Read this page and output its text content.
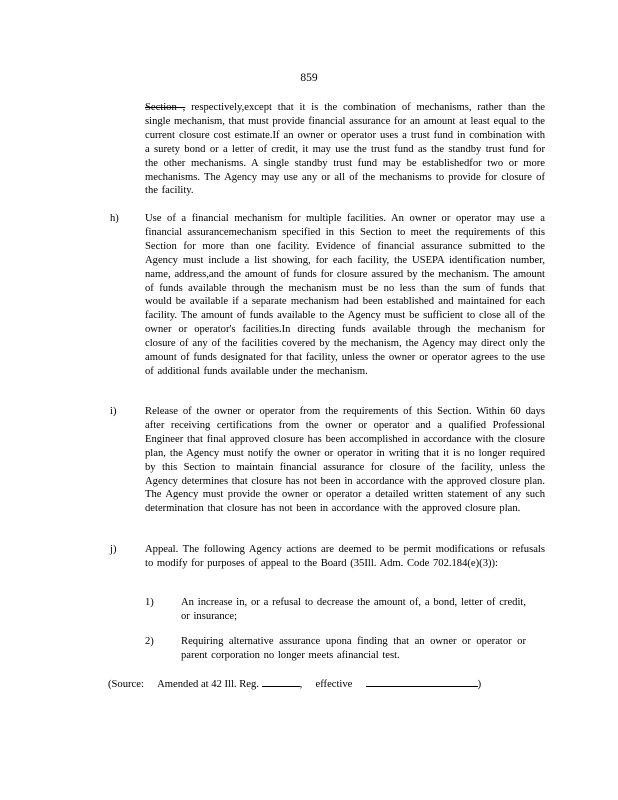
859
Section , respectively,except that it is the combination of mechanisms, rather than the single mechanism, that must provide financial assurance for an amount at least equal to the current closure cost estimate.If an owner or operator uses a trust fund in combination with a surety bond or a letter of credit, it may use the trust fund as the standby trust fund for the other mechanisms. A single standby trust fund may be establishedfor two or more mechanisms. The Agency may use any or all of the mechanisms to provide for closure of the facility.
h) Use of a financial mechanism for multiple facilities. An owner or operator may use a financial assurancemechanism specified in this Section to meet the requirements of this Section for more than one facility. Evidence of financial assurance submitted to the Agency must include a list showing, for each facility, the USEPA identification number, name, address,and the amount of funds for closure assured by the mechanism. The amount of funds available through the mechanism must be no less than the sum of funds that would be available if a separate mechanism had been established and maintained for each facility. The amount of funds available to the Agency must be sufficient to close all of the owner or operator's facilities.In directing funds available through the mechanism for closure of any of the facilities covered by the mechanism, the Agency may direct only the amount of funds designated for that facility, unless the owner or operator agrees to the use of additional funds available under the mechanism.
i)	Release of the owner or operator from the requirements of this Section. Within 60 days after receiving certifications from the owner or operator and a qualified Professional Engineer that final approved closure has been accomplished in accordance with the closure plan, the Agency must notify the owner or operator in writing that it is no longer required by this Section to maintain financial assurance for closure of the facility, unless the Agency determines that closure has not been in accordance with the approved closure plan. The Agency must provide the owner or operator a detailed written statement of any such determination that closure has not been in accordance with the approved closure plan.
j)	Appeal. The following Agency actions are deemed to be permit modifications or refusals to modify for purposes of appeal to the Board (35Ill. Adm. Code 702.184(e)(3)):
1)	An increase in, or a refusal to decrease the amount of, a bond, letter of credit, or insurance;
2)	Requiring alternative assurance upona finding that an owner or operator or parent corporation no longer meets afinancial test.
(Source: Amended at 42 Ill. Reg.	, effective	)
